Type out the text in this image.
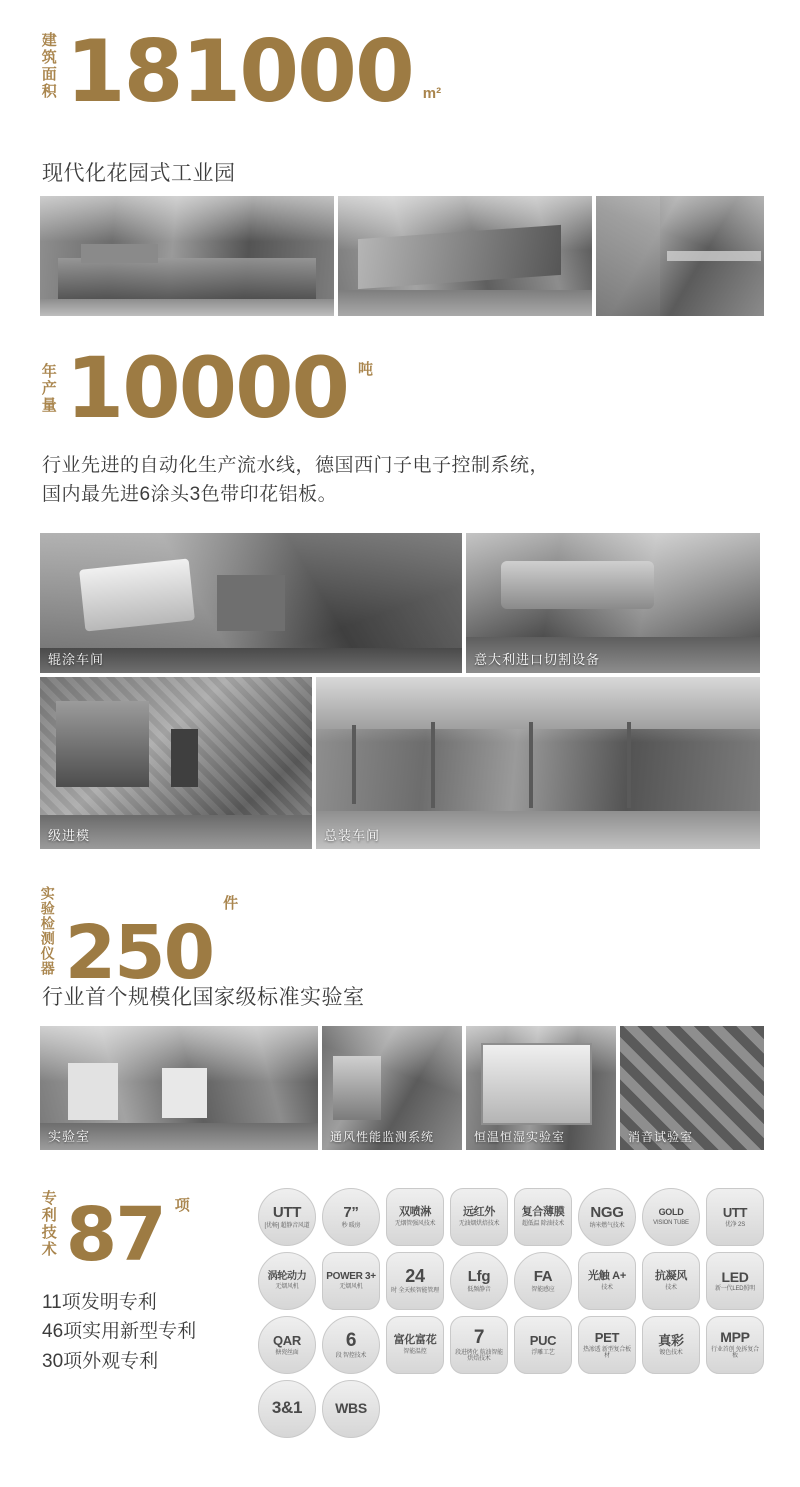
建筑面积 181000 m²
现代化花园式工业园
年产量 10000 吨
行业先进的自动化生产流水线，德国西门子电子控制系统，
国内最先进6涂头3色带印花铝板。
辊涂车间	意大利进口切割设备
级进模	总装车间
实验检测仪器 250
件
行业首个规模化国家级标准实验室
实验室	通风性能监测系统	恒温恒湿实验室	消音试验室
专利技术 87 项
11项发明专利
46项实用新型专利
30项外观专利
UTT
[优畅] 超静音风道
7”
秒 暖房
双喷淋
无烟管强风技术
远红外
无油烟烘焙技术
复合薄膜
超低温 除油技术
NGG
纳米燃气技术
GOLD
VISION TUBE
UTT
优净 2S
涡轮动力
无烟风机
POWER 3+
无烟风机
24
时 全天候智能管理
Lfg
低频静音
FA
智能感应
光触 A+
技术
抗凝风
技术
LED
新一代LED照明
QAR
搪瓷丝面
6
段 智控技术
富化富花
智能温控
7
段进烤化 航油智能烘焙技术
PUC
浮雕工艺
PET
热渗透 新型复合板材
真彩
镀色技术
MPP
行业首创 免拆复合板
3&1 WBS
